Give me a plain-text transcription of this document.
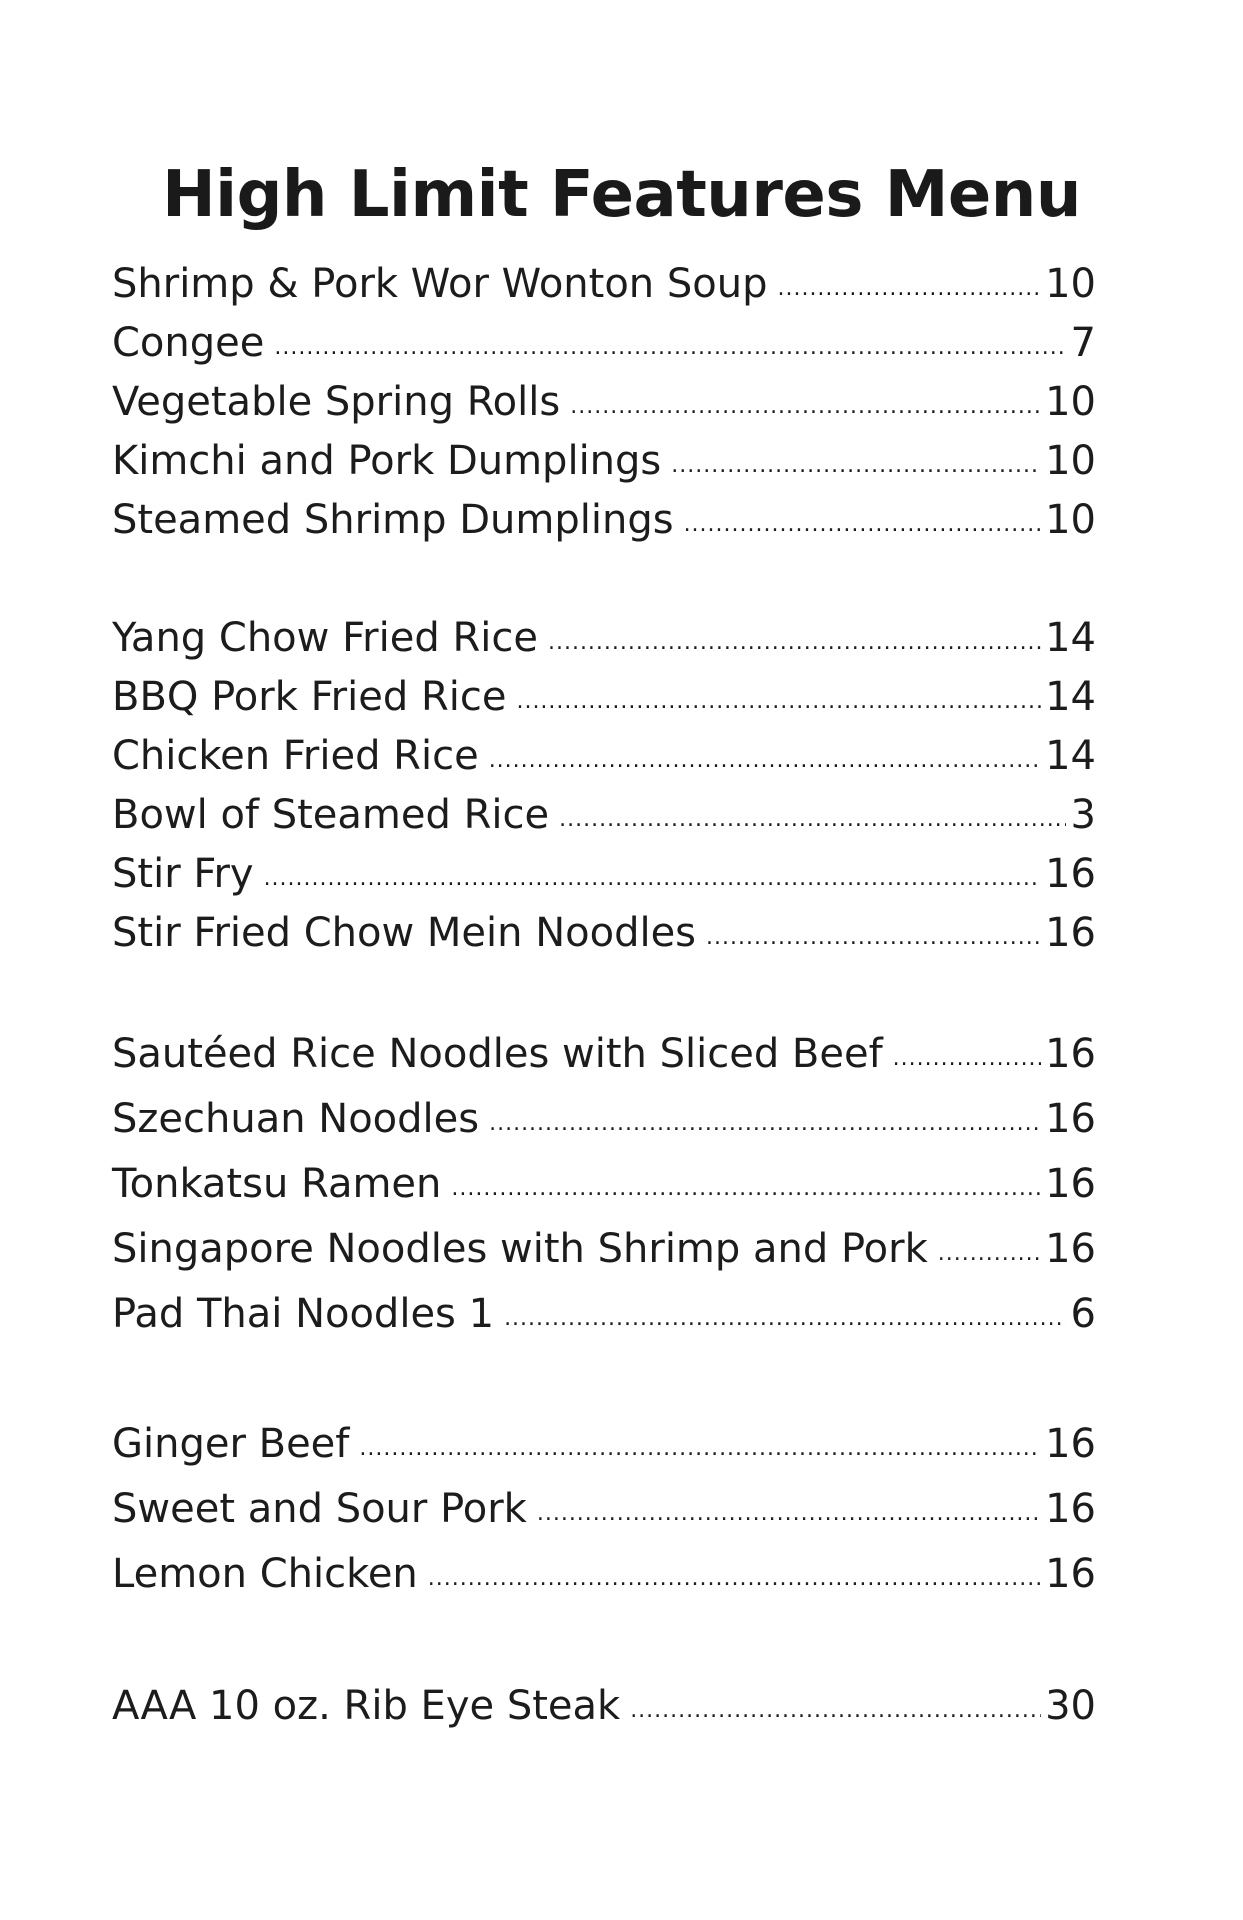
High Limit Features Menu
Shrimp & Pork Wor Wonton Soup .....	10
Congee .....	7
Vegetable Spring Rolls .....	10
Kimchi and Pork Dumplings .....	10
Steamed Shrimp Dumplings .....	10
Yang Chow Fried Rice .....	14
BBQ Pork Fried Rice .....	14
Chicken Fried Rice .....	14
Bowl of Steamed Rice .....	3
Stir Fry .....	16
Stir Fried Chow Mein Noodles .....	16
Sautéed Rice Noodles with Sliced Beef .....	16
Szechuan Noodles .....	16
Tonkatsu Ramen .....	16
Singapore Noodles with Shrimp and Pork .....	16
Pad Thai Noodles 1 .....	6
Ginger Beef .....	16
Sweet and Sour Pork .....	16
Lemon Chicken .....	16
AAA 10 oz. Rib Eye Steak .....	30
